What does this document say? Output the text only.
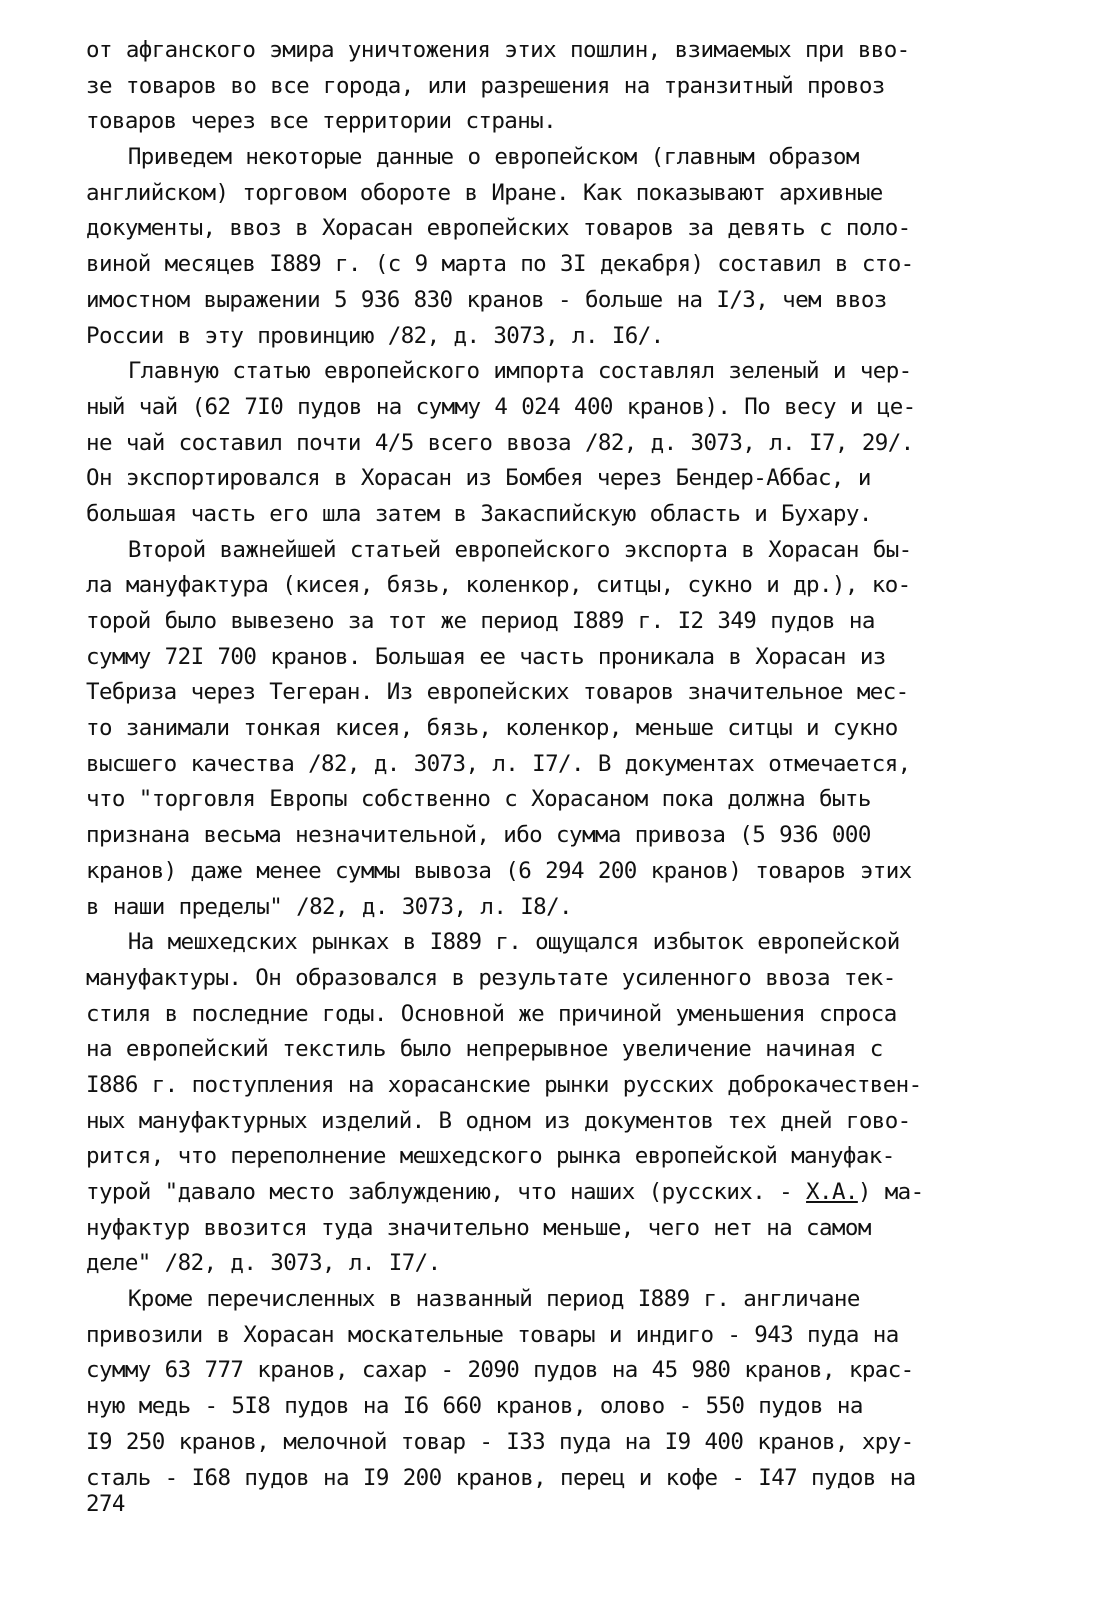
от афганского эмира уничтожения этих пошлин, взимаемых при вво-
зе товаров во все города, или разрешения на транзитный провоз
товаров через все территории страны.
Приведем некоторые данные о европейском (главным образом
английском) торговом обороте в Иране. Как показывают архивные
документы, ввоз в Хорасан европейских товаров за девять с поло-
виной месяцев I889 г. (с 9 марта по 3I декабря) составил в сто-
имостном выражении 5 936 830 кранов - больше на I/3, чем ввоз
России в эту провинцию /82, д. 3073, л. I6/.
Главную статью европейского импорта составлял зеленый и чер-
ный чай (62 7I0 пудов на сумму 4 024 400 кранов). По весу и це-
не чай составил почти 4/5 всего ввоза /82, д. 3073, л. I7, 29/.
Он экспортировался в Хорасан из Бомбея через Бендер-Аббас, и
большая часть его шла затем в Закаспийскую область и Бухару.
Второй важнейшей статьей европейского экспорта в Хорасан бы-
ла мануфактура (кисея, бязь, коленкор, ситцы, сукно и др.), ко-
торой было вывезено за тот же период I889 г. I2 349 пудов на
сумму 72I 700 кранов. Большая ее часть проникала в Хорасан из
Тебриза через Тегеран. Из европейских товаров значительное мес-
то занимали тонкая кисея, бязь, коленкор, меньше ситцы и сукно
высшего качества /82, д. 3073, л. I7/. В документах отмечается,
что "торговля Европы собственно с Хорасаном пока должна быть
признана весьма незначительной, ибо сумма привоза (5 936 000
кранов) даже менее суммы вывоза (6 294 200 кранов) товаров этих
в наши пределы" /82, д. 3073, л. I8/.
На мешхедских рынках в I889 г. ощущался избыток европейской
мануфактуры. Он образовался в результате усиленного ввоза тек-
стиля в последние годы. Основной же причиной уменьшения спроса
на европейский текстиль было непрерывное увеличение начиная с
I886 г. поступления на хорасанские рынки русских доброкачествен-
ных мануфактурных изделий. В одном из документов тех дней гово-
рится, что переполнение мешхедского рынка европейской мануфак-
турой "давало место заблуждению, что наших (русских. - Х.А.) ма-
нуфактур ввозится туда значительно меньше, чего нет на самом
деле" /82, д. 3073, л. I7/.
Кроме перечисленных в названный период I889 г. англичане
привозили в Хорасан москательные товары и индиго - 943 пуда на
сумму 63 777 кранов, сахар - 2090 пудов на 45 980 кранов, крас-
ную медь - 5I8 пудов на I6 660 кранов, олово - 550 пудов на
I9 250 кранов, мелочной товар - I33 пуда на I9 400 кранов, хру-
сталь - I68 пудов на I9 200 кранов, перец и кофе - I47 пудов на
274
